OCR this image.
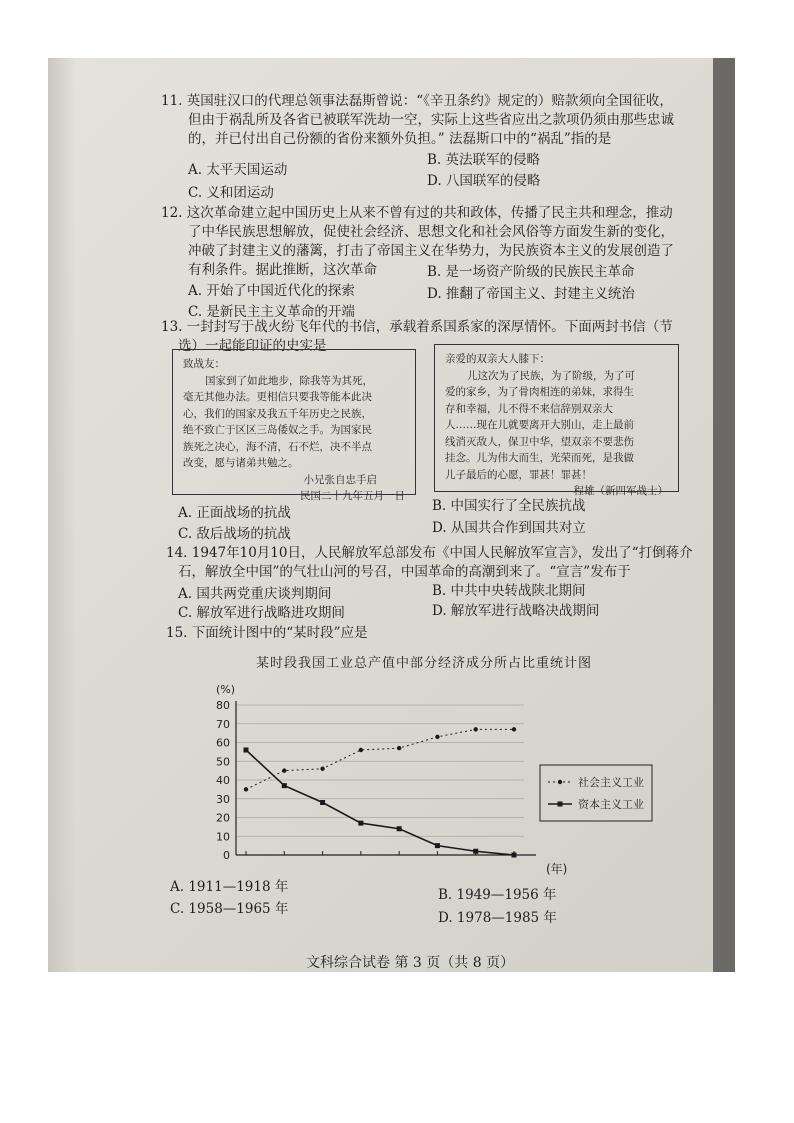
11. 英国驻汉口的代理总领事法磊斯曾说：“《辛丑条约》规定的）赔款须向全国征收，
但由于祸乱所及各省已被联军洗劫一空，实际上这些省应出之款项仍须由那些忠诚
的，并已付出自己份额的省份来额外负担。” 法磊斯口中的“祸乱”指的是
A. 太平天国运动
B. 英法联军的侵略
C. 义和团运动
D. 八国联军的侵略
12. 这次革命建立起中国历史上从来不曾有过的共和政体，传播了民主共和理念，推动
了中华民族思想解放，促使社会经济、思想文化和社会风俗等方面发生新的变化，
冲破了封建主义的藩篱，打击了帝国主义在华势力，为民族资本主义的发展创造了
有利条件。据此推断，这次革命
A. 开始了中国近代化的探索
B. 是一场资产阶级的民族民主革命
C. 是新民主主义革命的开端
D. 推翻了帝国主义、封建主义统治
13. 一封封写于战火纷飞年代的书信，承载着系国系家的深厚情怀。下面两封书信（节
选）一起能印证的史实是
致战友：
国家到了如此地步，除我等为其死，
毫无其他办法。更相信只要我等能本此决
心，我们的国家及我五千年历史之民族，
绝不致亡于区区三岛倭奴之手。为国家民
族死之决心，海不清，石不烂，决不半点
改变，愿与诸弟共勉之。
小兄张自忠手启
民国二十九年五月一日
亲爱的双亲大人膝下：
儿这次为了民族，为了阶级，为了可
爱的家乡，为了骨肉相连的弟妹，求得生
存和幸福，儿不得不来信辞别双亲大
人……现在儿就要离开大别山，走上最前
线消灭敌人，保卫中华，望双亲不要悲伤
挂念。儿为伟大而生，光荣而死，是我做
儿子最后的心愿，罪甚！罪甚！
程雄（新四军战士）
A. 正面战场的抗战	B. 中国实行了全民族抗战
C. 敌后战场的抗战	D. 从国共合作到国共对立
14. 1947年10月10日，人民解放军总部发布《中国人民解放军宣言》，发出了“打倒蒋介
石，解放全中国”的气壮山河的号召，中国革命的高潮到来了。“宣言”发布于
A. 国共两党重庆谈判期间	B. 中共中央转战陕北期间
C. 解放军进行战略进攻期间	D. 解放军进行战略决战期间
15. 下面统计图中的“某时段”应是
某时段我国工业总产值中部分经济成分所占比重统计图
(%)
0
10
20
30
40
50
60
70
80
(年)
社会主义工业
资本主义工业
A. 1911—1918 年	B. 1949—1956 年
C. 1958—1965 年
D. 1978—1985 年
文科综合试卷 第 3 页（共 8 页）
